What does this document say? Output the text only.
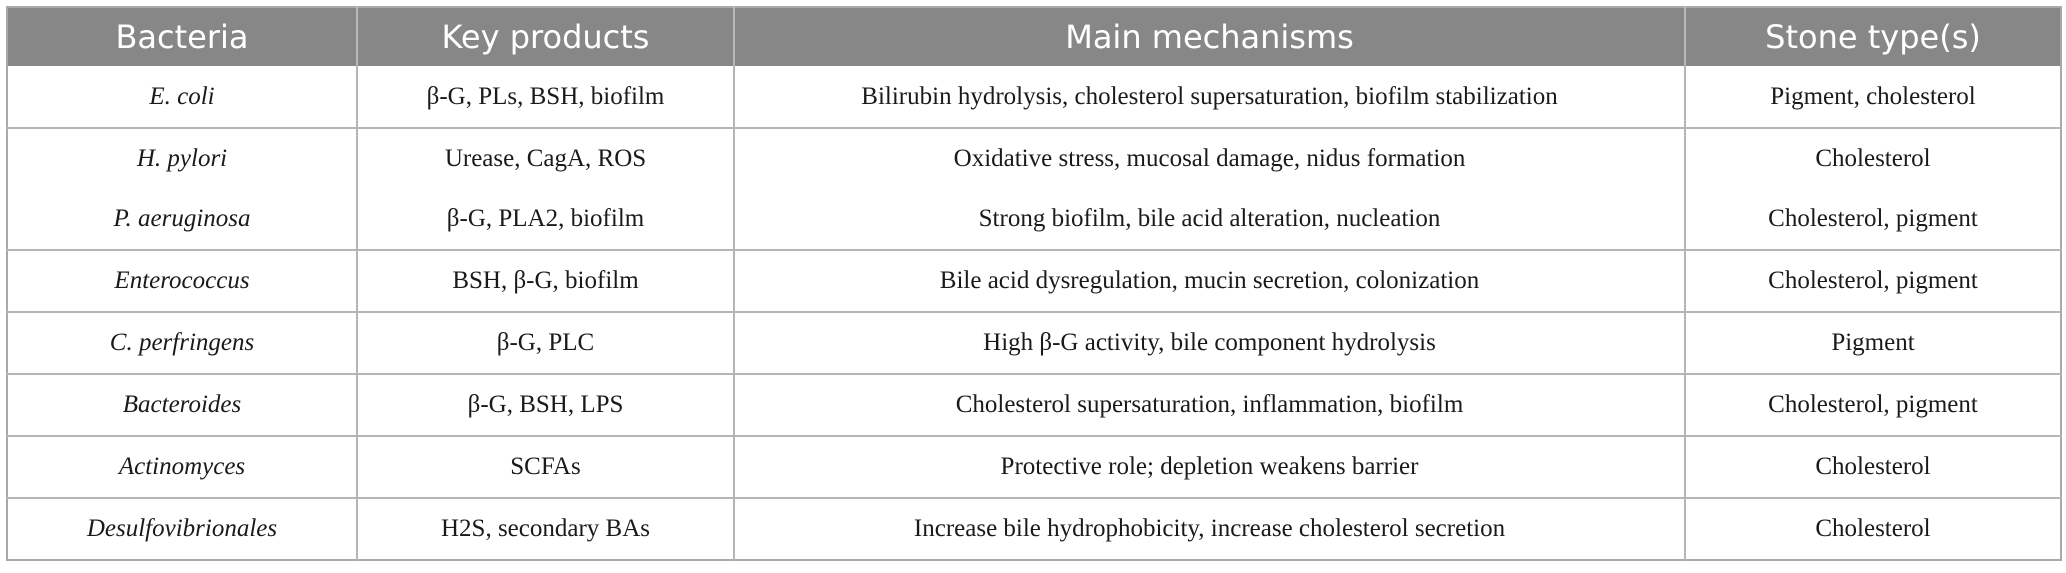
Bacteria	Key products	Main mechanisms	Stone type(s)
E. coli	β-G, PLs, BSH, biofilm	Bilirubin hydrolysis, cholesterol supersaturation, biofilm stabilization	Pigment, cholesterol
H. pylori	Urease, CagA, ROS	Oxidative stress, mucosal damage, nidus formation	Cholesterol
P. aeruginosa	β-G, PLA2, biofilm	Strong biofilm, bile acid alteration, nucleation	Cholesterol, pigment
Enterococcus	BSH, β-G, biofilm	Bile acid dysregulation, mucin secretion, colonization	Cholesterol, pigment
C. perfringens	β-G, PLC	High β-G activity, bile component hydrolysis	Pigment
Bacteroides	β-G, BSH, LPS	Cholesterol supersaturation, inflammation, biofilm	Cholesterol, pigment
Actinomyces	SCFAs	Protective role; depletion weakens barrier	Cholesterol
Desulfovibrionales	H2S, secondary BAs	Increase bile hydrophobicity, increase cholesterol secretion	Cholesterol
